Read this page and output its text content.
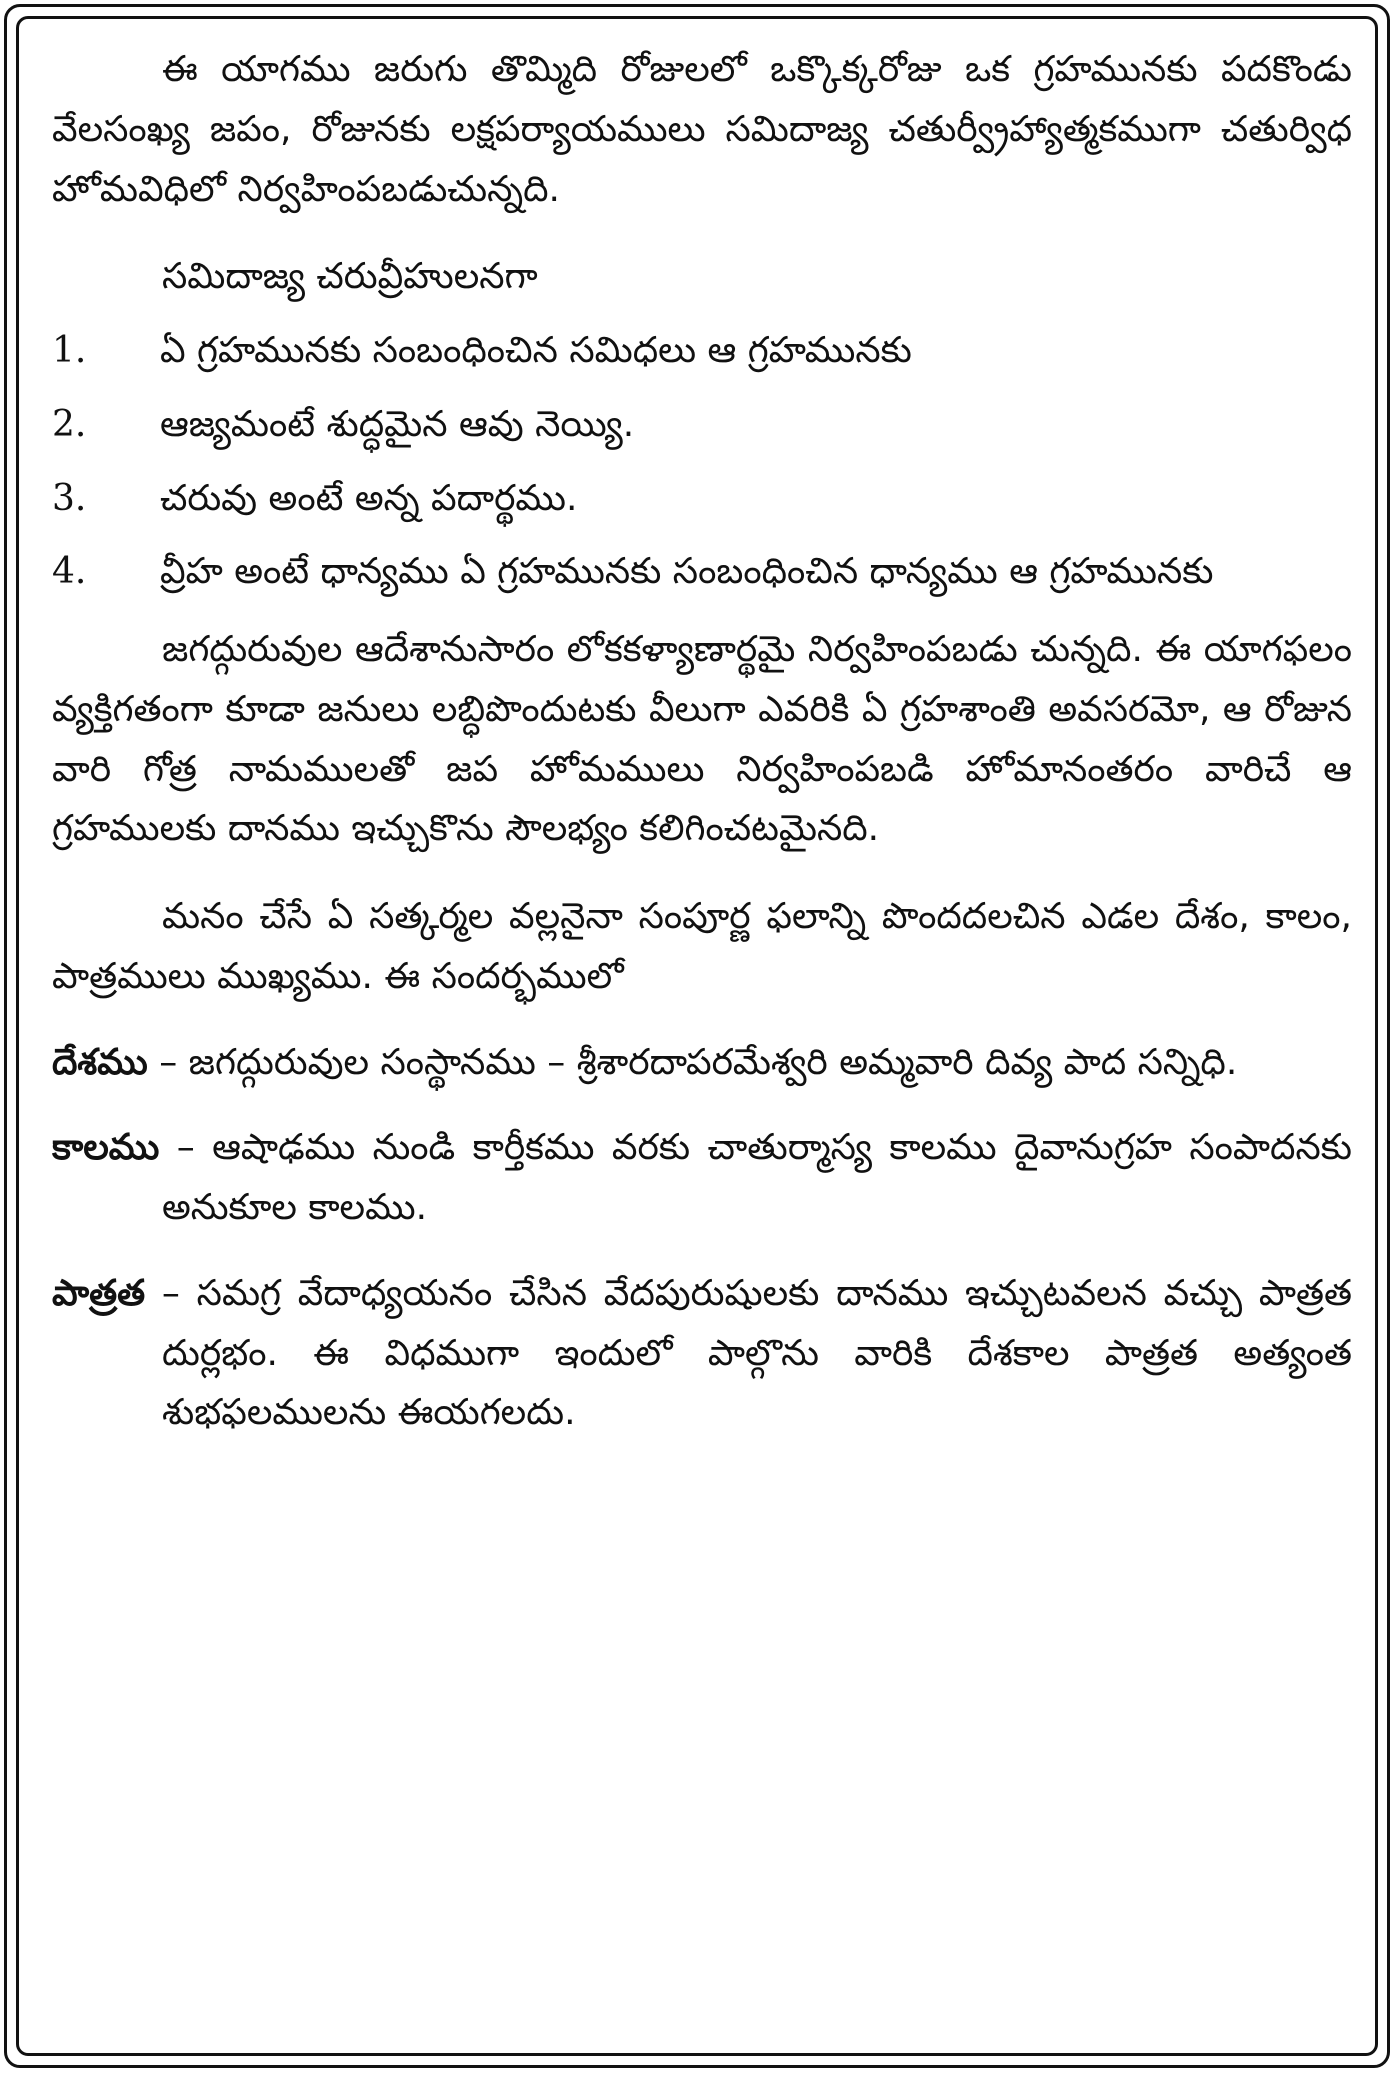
ఈ యాగము జరుగు తొమ్మిది రోజులలో ఒక్కొక్కరోజు ఒక గ్రహమునకు పదకొండు వేలసంఖ్య జపం, రోజునకు లక్షపర్యాయములు సమిదాజ్య చతుర్వ్రీహ్యాత్మకముగా చతుర్విధ హోమవిధిలో నిర్వహింపబడుచున్నది.

సమిదాజ్య చరువ్రీహులనగా

1.	ఏ గ్రహమునకు సంబంధించిన సమిధలు ఆ గ్రహమునకు
2.	ఆజ్యమంటే శుద్ధమైన ఆవు నెయ్యి.
3.	చరువు అంటే అన్న పదార్థము.
4.	వ్రీహ అంటే ధాన్యము ఏ గ్రహమునకు సంబంధించిన ధాన్యము ఆ గ్రహమునకు

జగద్గురువుల ఆదేశానుసారం లోకకళ్యాణార్థమై నిర్వహింపబడు చున్నది. ఈ యాగఫలం వ్యక్తిగతంగా కూడా జనులు లబ్ధిపొందుటకు వీలుగా ఎవరికి ఏ గ్రహశాంతి అవసరమో, ఆ రోజున వారి గోత్ర నామములతో జప హోమములు నిర్వహింపబడి హోమానంతరం వారిచే ఆ గ్రహములకు దానము ఇచ్చుకొను సౌలభ్యం కలిగించటమైనది.

మనం చేసే ఏ సత్కర్మల వల్లనైనా సంపూర్ణ ఫలాన్ని పొందదలచిన ఎడల దేశం, కాలం, పాత్రములు ముఖ్యము. ఈ సందర్భములో

దేశము – జగద్గురువుల సంస్థానము – శ్రీశారదాపరమేశ్వరి అమ్మవారి దివ్య పాద సన్నిధి.

కాలము – ఆషాఢము నుండి కార్తీకము వరకు చాతుర్మాస్య కాలము దైవానుగ్రహ సంపాదనకు అనుకూల కాలము.

పాత్రత – సమగ్ర వేదాధ్యయనం చేసిన వేదపురుషులకు దానము ఇచ్చుటవలన వచ్చు పాత్రత దుర్లభం. ఈ విధముగా ఇందులో పాల్గొను వారికి దేశకాల పాత్రత అత్యంత శుభఫలములను ఈయగలదు.
